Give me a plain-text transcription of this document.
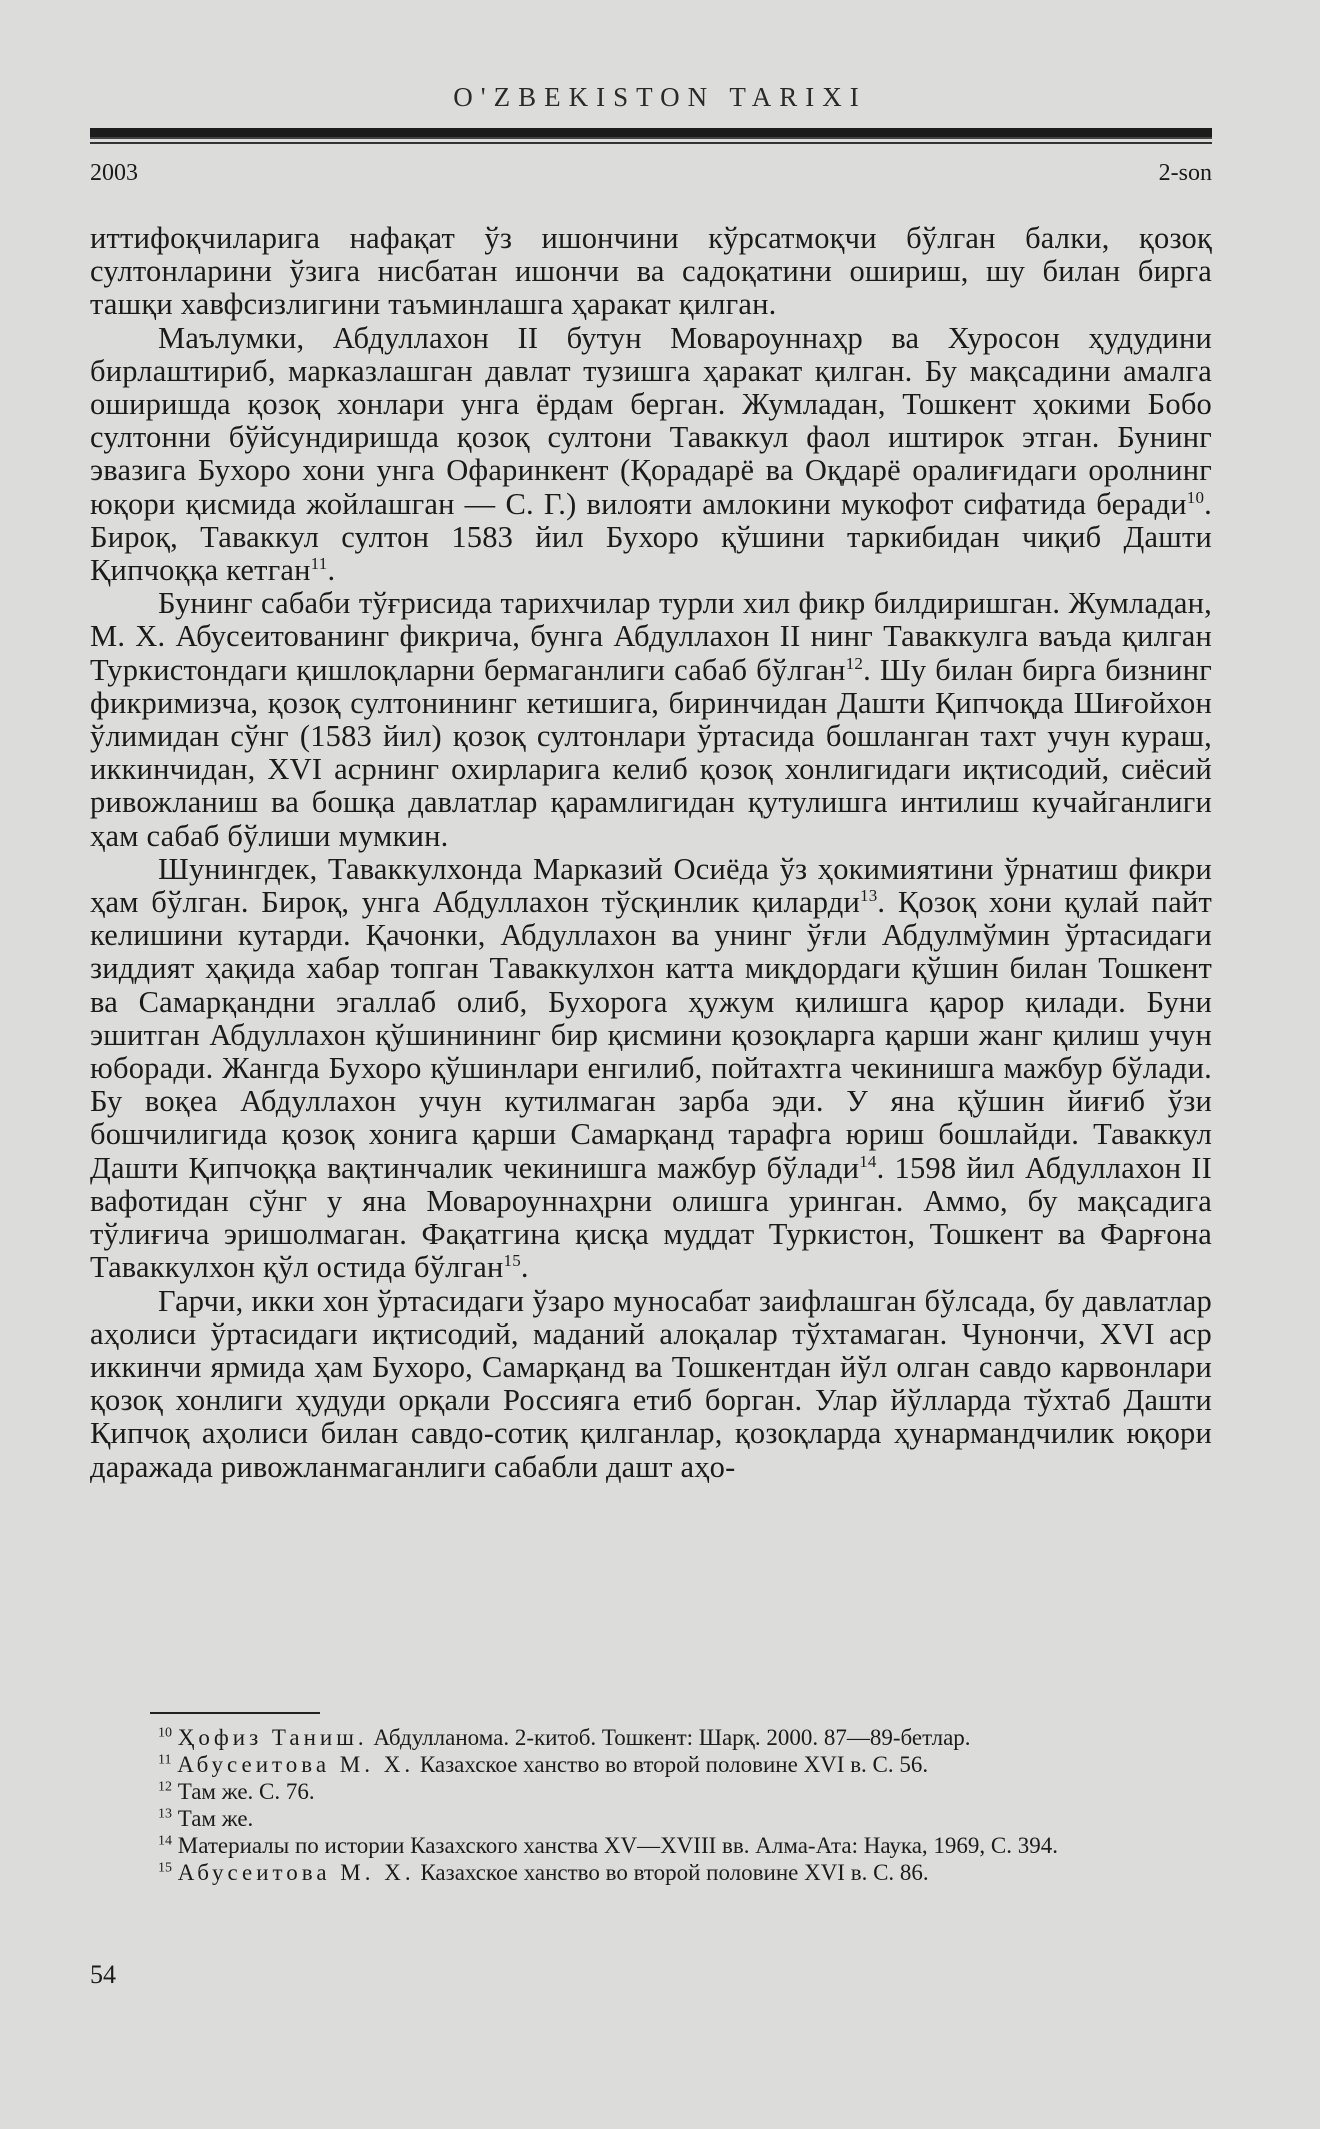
O'ZBEKISTON TARIXI
2003	2-son

иттифоқчиларига нафақат ўз ишончини кўрсатмоқчи бўлган балки, қозоқ султонларини ўзига нисбатан ишончи ва садоқатини ошириш, шу билан бирга ташқи хавфсизлигини таъминлашга ҳаракат қилган.

Маълумки, Абдуллахон II бутун Мовароуннаҳр ва Хуросон ҳудудини бирлаштириб, марказлашган давлат тузишга ҳаракат қилган. Бу мақсадини амалга оширишда қозоқ хонлари унга ёрдам берган. Жумладан, Тошкент ҳокими Бобо султонни бўйсундиришда қозоқ султони Таваккул фаол иштирок этган. Бунинг эвазига Бухоро хони унга Офаринкент (Қорадарё ва Оқдарё оралиғидаги оролнинг юқори қисмида жойлашган — С. Г.) вилояти амлокини мукофот сифатида беради$^{10}$. Бироқ, Таваккул султон 1583 йил Бухоро қўшини таркибидан чиқиб Дашти Қипчоққа кетган$^{11}$.

Бунинг сабаби тўғрисида тарихчилар турли хил фикр билдиришган. Жумладан, М. Х. Абусеитованинг фикрича, бунга Абдуллахон II нинг Таваккулга ваъда қилган Туркистондаги қишлоқларни бермаганлиги сабаб бўлган$^{12}$. Шу билан бирга бизнинг фикримизча, қозоқ султонининг кетишига, биринчидан Дашти Қипчоқда Шиғойхон ўлимидан сўнг (1583 йил) қозоқ султонлари ўртасида бошланган тахт учун кураш, иккинчидан, XVI асрнинг охирларига келиб қозоқ хонлигидаги иқтисодий, сиёсий ривожланиш ва бошқа давлатлар қарамлигидан қутулишга интилиш кучайганлиги ҳам сабаб бўлиши мумкин.

Шунингдек, Таваккулхонда Марказий Осиёда ўз ҳокимиятини ўрнатиш фикри ҳам бўлган. Бироқ, унга Абдуллахон тўсқинлик қиларди$^{13}$. Қозоқ хони қулай пайт келишини кутарди. Қачонки, Абдуллахон ва унинг ўғли Абдулмўмин ўртасидаги зиддият ҳақида хабар топган Таваккулхон катта миқдордаги қўшин билан Тошкент ва Самарқандни эгаллаб олиб, Бухорога ҳужум қилишга қарор қилади. Буни эшитган Абдуллахон қўшинининг бир қисмини қозоқларга қарши жанг қилиш учун юборади. Жангда Бухоро қўшинлари енгилиб, пойтахтга чекинишга мажбур бўлади. Бу воқеа Абдуллахон учун кутилмаган зарба эди. У яна қўшин йиғиб ўзи бошчилигида қозоқ хонига қарши Самарқанд тарафга юриш бошлайди. Таваккул Дашти Қипчоққа вақтинчалик чекинишга мажбур бўлади$^{14}$. 1598 йил Абдуллахон II вафотидан сўнг у яна Мовароуннаҳрни олишга уринган. Аммо, бу мақсадига тўлиғича эришолмаган. Фақатгина қисқа муддат Туркистон, Тошкент ва Фарғона Таваккулхон қўл остида бўлган$^{15}$.

Гарчи, икки хон ўртасидаги ўзаро муносабат заифлашган бўлсада, бу давлатлар аҳолиси ўртасидаги иқтисодий, маданий алоқалар тўхтамаган. Чунончи, XVI аср иккинчи ярмида ҳам Бухоро, Самарқанд ва Тошкентдан йўл олган савдо карвонлари қозоқ хонлиги ҳудуди орқали Россияга етиб борган. Улар йўлларда тўхтаб Дашти Қипчоқ аҳолиси билан савдо-сотиқ қилганлар, қозоқларда ҳунармандчилик юқори даражада ривожланмаганлиги сабабли дашт аҳо-

$^{10}$ Ҳофиз Таниш. Абдулланома. 2-китоб. Тошкент: Шарқ. 2000. 87—89-бетлар.

$^{11}$ Абусеитова М. Х. Казахское ханство во второй половине XVI в. С. 56.

$^{12}$ Там же. С. 76.

$^{13}$ Там же.

$^{14}$ Материалы по истории Казахского ханства XV—XVIII вв. Алма-Ата: Наука, 1969, С. 394.

$^{15}$ Абусеитова М. Х. Казахское ханство во второй половине XVI в. С. 86.

54
